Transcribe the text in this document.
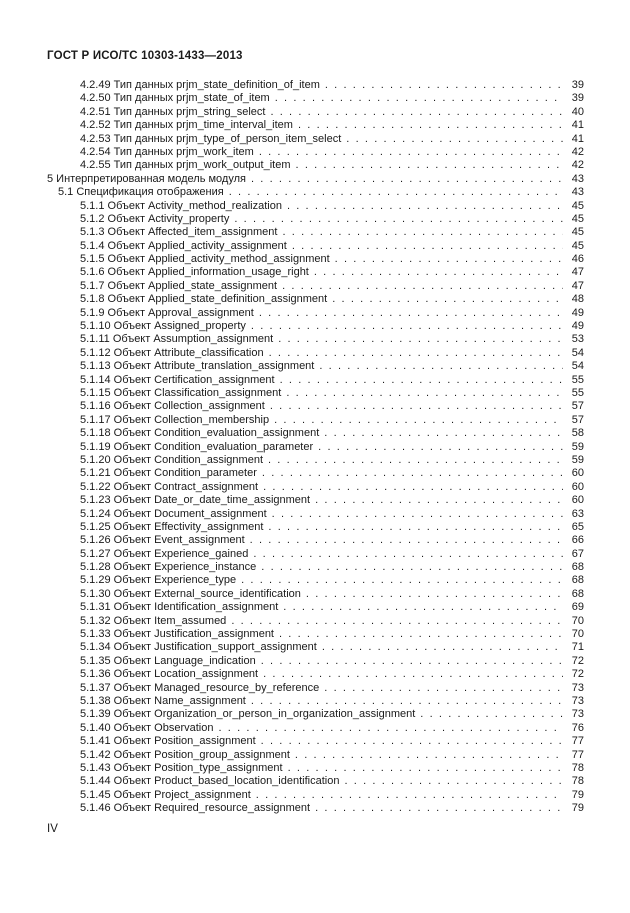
ГОСТ Р ИСО/ТС 10303-1433—2013
4.2.49 Тип данных prjm_state_definition_of_item . . .	39
4.2.50 Тип данных prjm_state_of_item . . .	39
4.2.51 Тип данных prjm_string_select . . .	40
4.2.52 Тип данных prjm_time_interval_item . . .	41
4.2.53 Тип данных prjm_type_of_person_item_select . . .	41
4.2.54 Тип данных prjm_work_item . . .	42
4.2.55 Тип данных prjm_work_output_item . . .	42
5 Интерпретированная модель модуля . . .	43
5.1 Спецификация отображения . . .	43
5.1.1 Объект Activity_method_realization . . .	45
5.1.2 Объект Activity_property . . .	45
5.1.3 Объект Affected_item_assignment . . .	45
5.1.4 Объект Applied_activity_assignment . . .	45
5.1.5 Объект Applied_activity_method_assignment . . .	46
5.1.6 Объект Applied_information_usage_right . . .	47
5.1.7 Объект Applied_state_assignment . . .	47
5.1.8 Объект Applied_state_definition_assignment . . .	48
5.1.9 Объект Approval_assignment . . .	49
5.1.10 Объект Assigned_property . . .	49
5.1.11 Объект Assumption_assignment . . .	53
5.1.12 Объект Attribute_classification . . .	54
5.1.13 Объект Attribute_translation_assignment . . .	54
5.1.14 Объект Certification_assignment . . .	55
5.1.15 Объект Classification_assignment . . .	55
5.1.16 Объект Collection_assignment . . .	57
5.1.17 Объект Collection_membership . . .	57
5.1.18 Объект Condition_evaluation_assignment . . .	58
5.1.19 Объект Condition_evaluation_parameter . . .	59
5.1.20 Объект Condition_assignment . . .	59
5.1.21 Объект Condition_parameter . . .	60
5.1.22 Объект Contract_assignment . . .	60
5.1.23 Объект Date_or_date_time_assignment . . .	60
5.1.24 Объект Document_assignment . . .	63
5.1.25 Объект Effectivity_assignment . . .	65
5.1.26 Объект Event_assignment . . .	66
5.1.27 Объект Experience_gained . . .	67
5.1.28 Объект Experience_instance . . .	68
5.1.29 Объект Experience_type . . .	68
5.1.30 Объект External_source_identification . . .	68
5.1.31 Объект Identification_assignment . . .	69
5.1.32 Объект Item_assumed . . .	70
5.1.33 Объект Justification_assignment . . .	70
5.1.34 Объект Justification_support_assignment . . .	71
5.1.35 Объект Language_indication . . .	72
5.1.36 Объект Location_assignment . . .	72
5.1.37 Объект Managed_resource_by_reference . . .	73
5.1.38 Объект Name_assignment . . .	73
5.1.39 Объект Organization_or_person_in_organization_assignment . . .	73
5.1.40 Объект Observation . . .	76
5.1.41 Объект Position_assignment . . .	77
5.1.42 Объект Position_group_assignment . . .	77
5.1.43 Объект Position_type_assignment . . .	78
5.1.44 Объект Product_based_location_identification . . .	78
5.1.45 Объект Project_assignment . . .	79
5.1.46 Объект Required_resource_assignment . . .	79
IV
